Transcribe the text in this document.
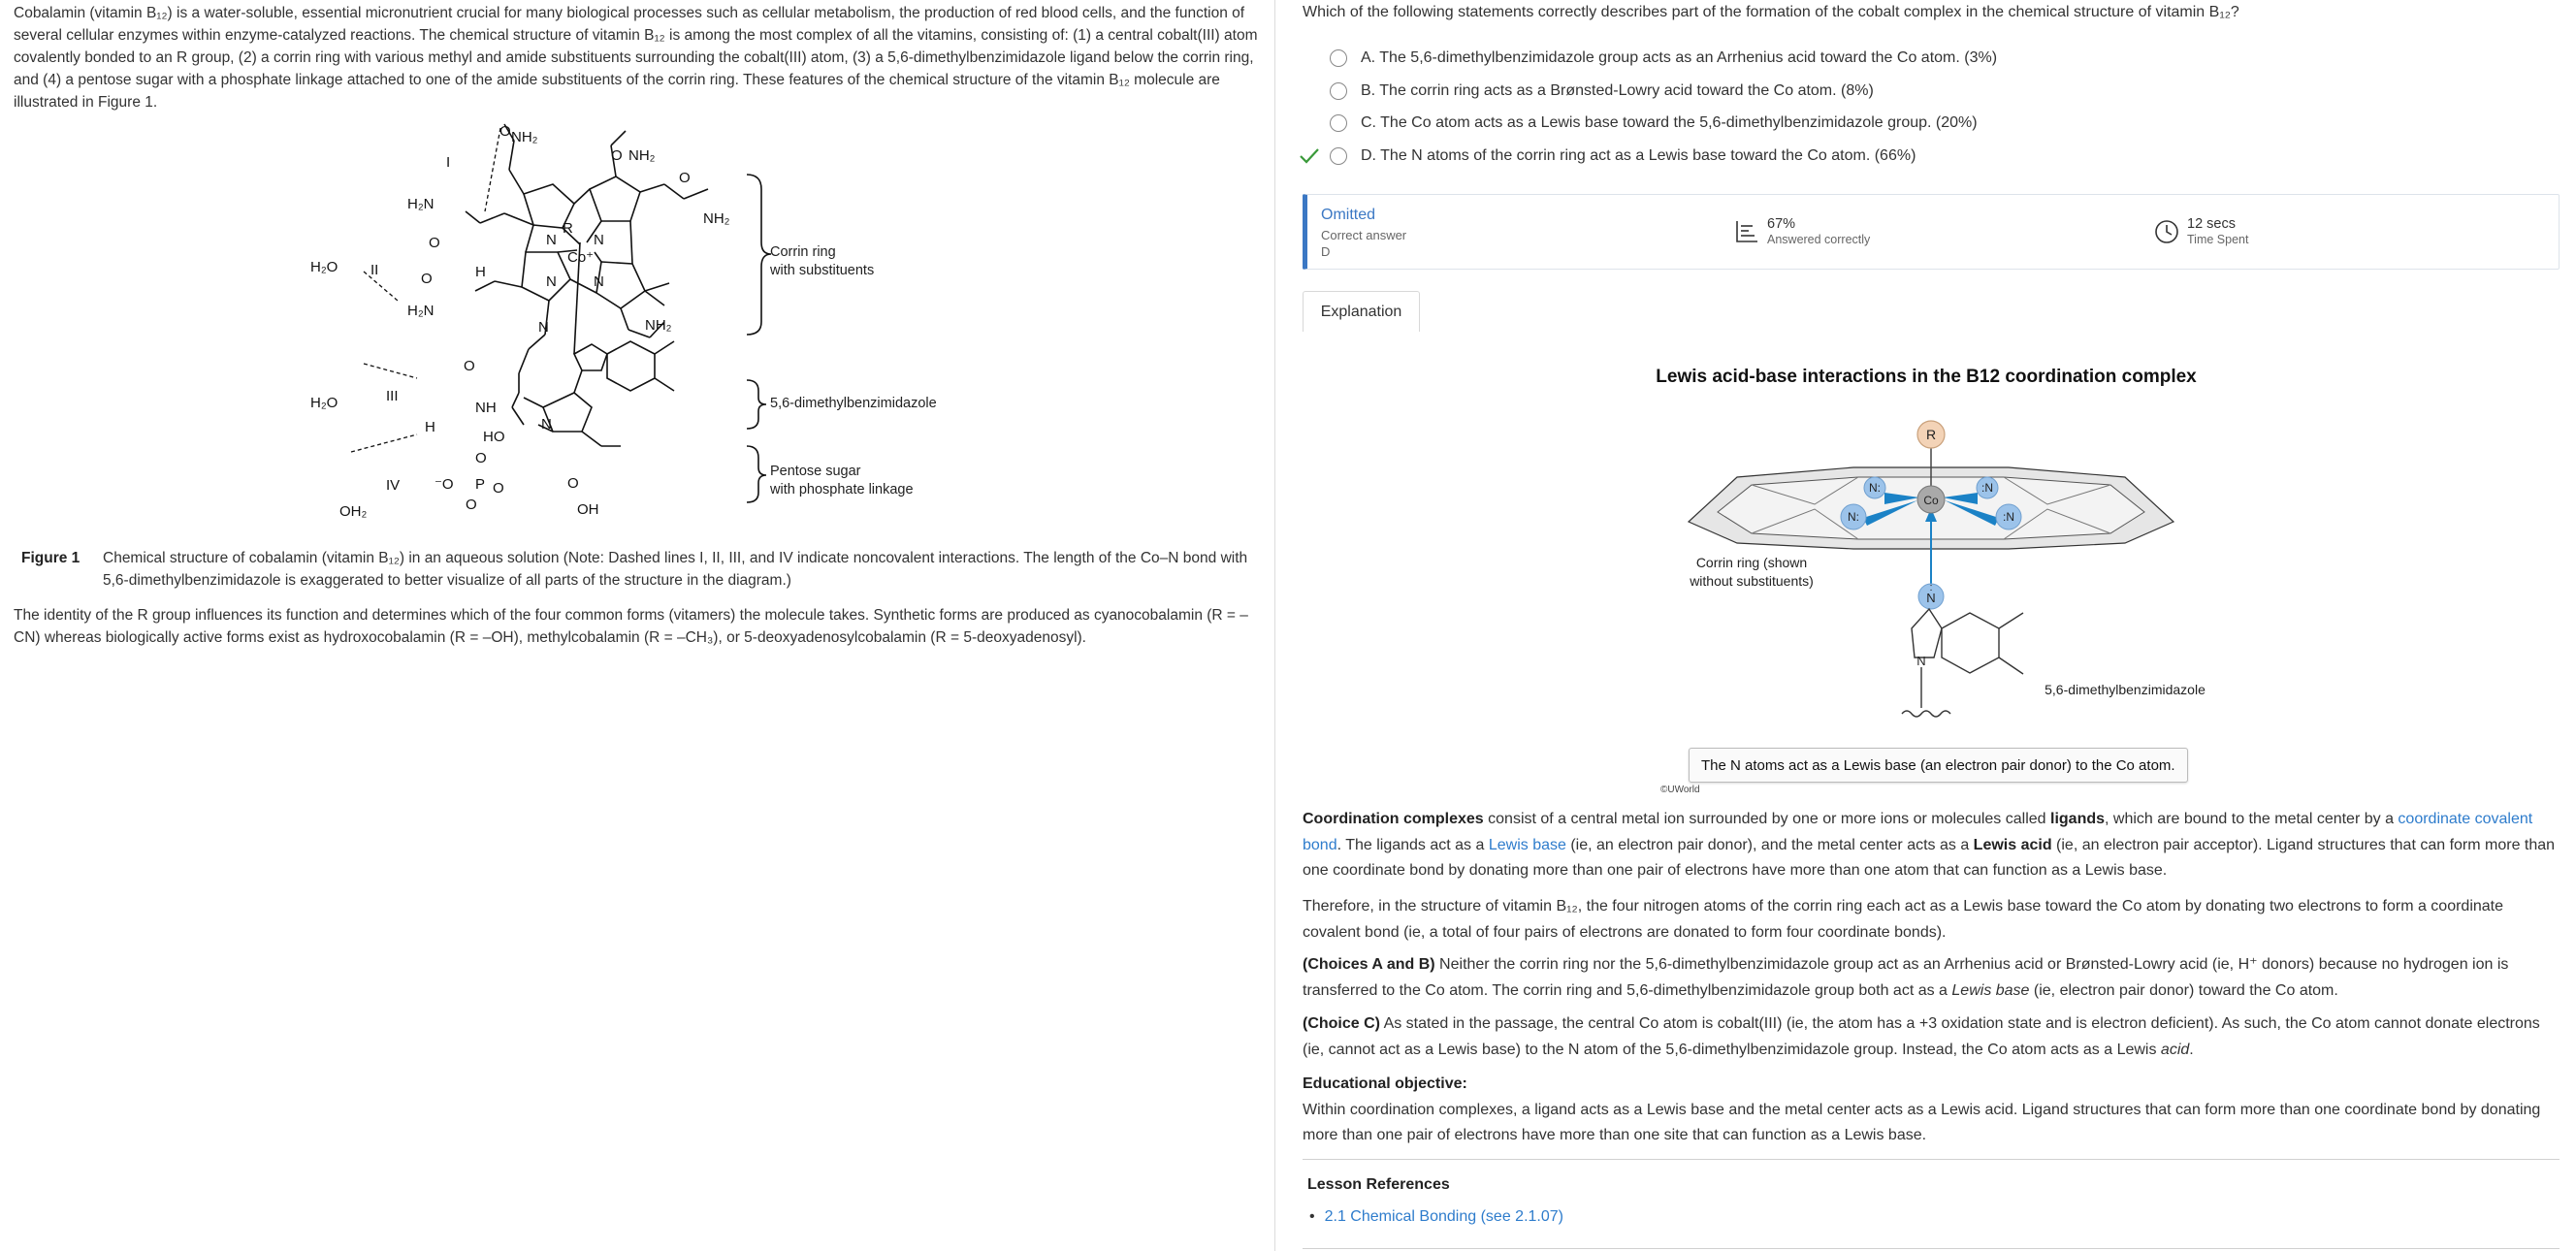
Cobalamin (vitamin B₁₂) is a water-soluble, essential micronutrient crucial for many biological processes such as cellular metabolism, the production of red blood cells, and the function of several cellular enzymes within enzyme-catalyzed reactions. The chemical structure of vitamin B₁₂ is among the most complex of all the vitamins, consisting of: (1) a central cobalt(III) atom covalently bonded to an R group, (2) a corrin ring with various methyl and amide substituents surrounding the cobalt(III) atom, (3) a 5,6-dimethylbenzimidazole ligand below the corrin ring, and (4) a pentose sugar with a phosphate linkage attached to one of the amide substituents of the corrin ring. These features of the chemical structure of the vitamin B₁₂ molecule are illustrated in Figure 1.

O NH₂
O NH₂
O
NH₂
H₂N
O
R
N	N
Co⁺
N	N
H
O
H₂N
NH₂
H₂O II
I
O
NH
N
N
H₂O	III
H
HO
O
⁻O P O
O
O
OH
IV
OH₂
Corrin ring
with substituents
5,6-dimethylbenzimidazole
Pentose sugar
with phosphate linkage
Figure 1 Chemical structure of cobalamin (vitamin B₁₂) in an aqueous solution (Note: Dashed lines I, II, III, and IV indicate noncovalent interactions. The length of the Co–N bond with 5,6-dimethylbenzimidazole is exaggerated to better visualize of all parts of the structure in the diagram.)

The identity of the R group influences its function and determines which of the four common forms (vitamers) the molecule takes. Synthetic forms are produced as cyanocobalamin (R = –CN) whereas biologically active forms exist as hydroxocobalamin (R = –OH), methylcobalamin (R = –CH₃), or 5-deoxyadenosylcobalamin (R = 5-deoxyadenosyl).

Which of the following statements correctly describes part of the formation of the cobalt complex in the chemical structure of vitamin B₁₂?
A. The 5,6-dimethylbenzimidazole group acts as an Arrhenius acid toward the Co atom. (3%)
B. The corrin ring acts as a Brønsted-Lowry acid toward the Co atom. (8%)
C. The Co atom acts as a Lewis base toward the 5,6-dimethylbenzimidazole group. (20%)
D. The N atoms of the corrin ring act as a Lewis base toward the Co atom. (66%)
Omitted
Correct answer
D
67%
Answered correctly
12 secs
Time Spent
Explanation
Lewis acid-base interactions in the B12 coordination complex
R
N:	:N
N:	:N
Co
Corrin ring (shown
without substituents)
N
:
N
5,6-dimethylbenzimidazole
The N atoms act as a Lewis base (an electron pair donor) to the Co atom.
©UWorld
Coordination complexes consist of a central metal ion surrounded by one or more ions or molecules called ligands, which are bound to the metal center by a coordinate covalent bond. The ligands act as a Lewis base (ie, an electron pair donor), and the metal center acts as a Lewis acid (ie, an electron pair acceptor). Ligand structures that can form more than one coordinate bond by donating more than one pair of electrons have more than one atom that can function as a Lewis base.
Therefore, in the structure of vitamin B₁₂, the four nitrogen atoms of the corrin ring each act as a Lewis base toward the Co atom by donating two electrons to form a coordinate covalent bond (ie, a total of four pairs of electrons are donated to form four coordinate bonds).
(Choices A and B) Neither the corrin ring nor the 5,6-dimethylbenzimidazole group act as an Arrhenius acid or Brønsted-Lowry acid (ie, H⁺ donors) because no hydrogen ion is transferred to the Co atom. The corrin ring and 5,6-dimethylbenzimidazole group both act as a Lewis base (ie, electron pair donor) toward the Co atom.
(Choice C) As stated in the passage, the central Co atom is cobalt(III) (ie, the atom has a +3 oxidation state and is electron deficient). As such, the Co atom cannot donate electrons (ie, cannot act as a Lewis base) to the N atom of the 5,6-dimethylbenzimidazole group. Instead, the Co atom acts as a Lewis acid.
Educational objective:
Within coordination complexes, a ligand acts as a Lewis base and the metal center acts as a Lewis acid. Ligand structures that can form more than one coordinate bond by donating more than one pair of electrons have more than one site that can function as a Lewis base.
Lesson References
• 2.1 Chemical Bonding (see 2.1.07)
